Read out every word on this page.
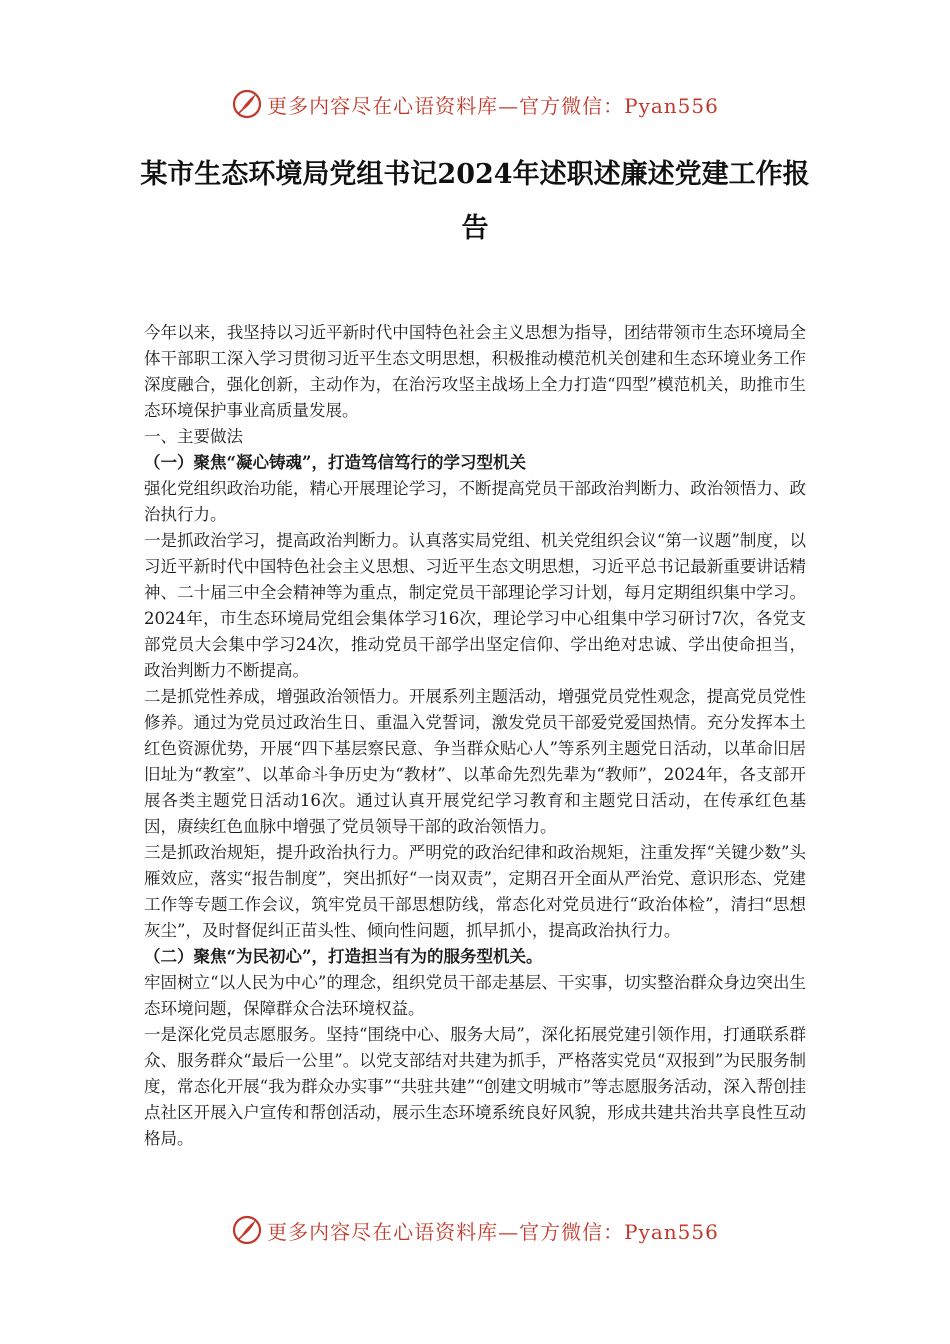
更多内容尽在心语资料库—官方微信：Pyan556
某市生态环境局党组书记2024年述职述廉述党建工作报告

今年以来，我坚持以习近平新时代中国特色社会主义思想为指导，团结带领市生态环境局全体干部职工深入学习贯彻习近平生态文明思想，积极推动模范机关创建和生态环境业务工作深度融合，强化创新，主动作为，在治污攻坚主战场上全力打造“四型”模范机关，助推市生态环境保护事业高质量发展。

一、主要做法

（一）聚焦“凝心铸魂”，打造笃信笃行的学习型机关

强化党组织政治功能，精心开展理论学习，不断提高党员干部政治判断力、政治领悟力、政治执行力。

一是抓政治学习，提高政治判断力。认真落实局党组、机关党组织会议“第一议题”制度，以习近平新时代中国特色社会主义思想、习近平生态文明思想，习近平总书记最新重要讲话精神、二十届三中全会精神等为重点，制定党员干部理论学习计划，每月定期组织集中学习。2024年，市生态环境局党组会集体学习16次，理论学习中心组集中学习研讨7次，各党支部党员大会集中学习24次，推动党员干部学出坚定信仰、学出绝对忠诚、学出使命担当，政治判断力不断提高。

二是抓党性养成，增强政治领悟力。开展系列主题活动，增强党员党性观念，提高党员党性修养。通过为党员过政治生日、重温入党誓词，激发党员干部爱党爱国热情。充分发挥本土红色资源优势，开展“四下基层察民意、争当群众贴心人”等系列主题党日活动，以革命旧居旧址为“教室”、以革命斗争历史为“教材”、以革命先烈先辈为“教师”，2024年，各支部开展各类主题党日活动16次。通过认真开展党纪学习教育和主题党日活动，在传承红色基因，赓续红色血脉中增强了党员领导干部的政治领悟力。

三是抓政治规矩，提升政治执行力。严明党的政治纪律和政治规矩，注重发挥“关键少数”头雁效应，落实“报告制度”，突出抓好“一岗双责”，定期召开全面从严治党、意识形态、党建工作等专题工作会议，筑牢党员干部思想防线，常态化对党员进行“政治体检”，清扫“思想灰尘”，及时督促纠正苗头性、倾向性问题，抓早抓小，提高政治执行力。

（二）聚焦“为民初心”，打造担当有为的服务型机关。

牢固树立“以人民为中心”的理念，组织党员干部走基层、干实事，切实整治群众身边突出生态环境问题，保障群众合法环境权益。

一是深化党员志愿服务。坚持“围绕中心、服务大局”，深化拓展党建引领作用，打通联系群众、服务群众“最后一公里”。以党支部结对共建为抓手，严格落实党员“双报到”为民服务制度，常态化开展“我为群众办实事”“共驻共建”“创建文明城市”等志愿服务活动，深入帮创挂点社区开展入户宣传和帮创活动，展示生态环境系统良好风貌，形成共建共治共享良性互动格局。

更多内容尽在心语资料库—官方微信：Pyan556
